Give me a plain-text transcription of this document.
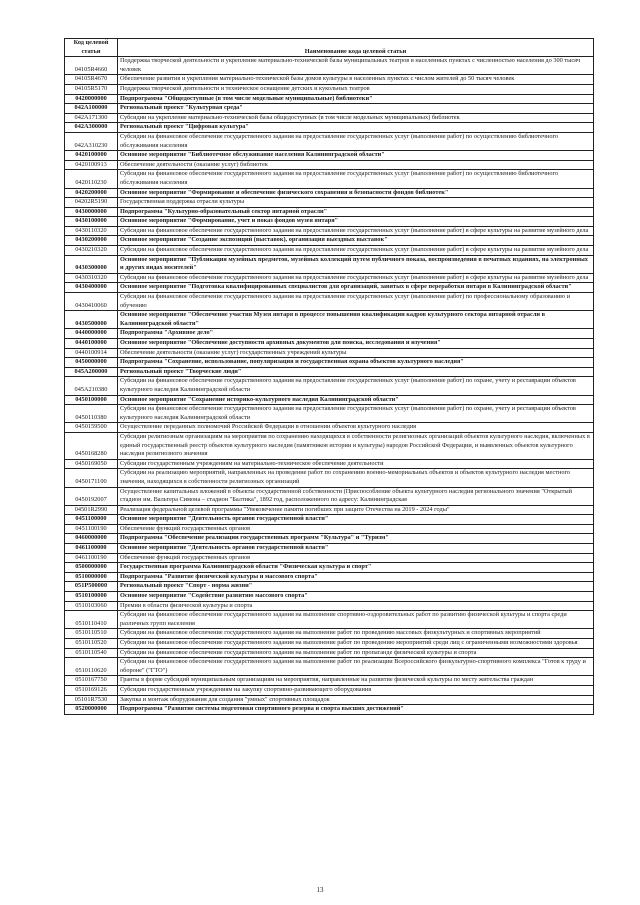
Код целевой статьи	Наименование кода целевой статьи
04105R4660	Поддержка творческой деятельности и укрепление материально-технической базы муниципальных театров в населенных пунктах с численностью населения до 300 тысяч человек
04105R4670	Обеспечение развития и укрепления материально-технической базы домов культуры в населенных пунктах с числом жителей до 50 тысяч человек
04105R5170	Поддержка творческой деятельности и техническое оснащение детских и кукольных театров
0420000000	Подпрограмма "Общедоступные (в том числе модельные муниципальные) библиотеки"
042A100000	Региональный проект "Культурная среда"
042A171300	Субсидии на укрепление материально-технической базы общедоступных (в том числе модельных муниципальных) библиотек
042A300000	Региональный проект "Цифровая культура"
042A310230	Субсидии на финансовое обеспечение государственного задания на предоставление государственных услуг (выполнение работ) по осуществлению библиотечного обслуживания населения
0420100000	Основное мероприятие "Библиотечное обслуживание населения Калининградской области"
0420100913	Обеспечение деятельности (оказание услуг) библиотек
0420110230	Субсидии на финансовое обеспечение государственного задания на предоставление государственных услуг (выполнение работ) по осуществлению библиотечного обслуживания населения
0420200000	Основное мероприятие "Формирование и обеспечение физического сохранения и безопасности фондов библиотек"
04202R5190	Государственная поддержка отрасли культуры
0430000000	Подпрограмма "Культурно-образовательный сектор янтарной отрасли"
0430100000	Основное мероприятие "Формирование, учет и показ фондов музея янтаря"
0430110320	Субсидии на финансовое обеспечение государственного задания на предоставление государственных услуг (выполнение работ) в сфере культуры на развитие музейного дела
0430200000	Основное мероприятие "Создание экспозиций (выставок), организация выездных выставок"
0430210320	Субсидии на финансовое обеспечение государственного задания на предоставление государственных услуг (выполнение работ) в сфере культуры на развитие музейного дела
0430300000	Основное мероприятие "Публикация музейных предметов, музейных коллекций путем публичного показа, воспроизведения в печатных изданиях, на электронных и других видах носителей"
0430310320	Субсидии на финансовое обеспечение государственного задания на предоставление государственных услуг (выполнение работ) в сфере культуры на развитие музейного дела
0430400000	Основное мероприятие "Подготовка квалифицированных специалистов для организаций, занятых в сфере переработки янтаря в Калининградской области"
0430410060	Субсидии на финансовое обеспечение государственного задания на предоставление государственных услуг (выполнение работ) по профессиональному образованию и обучению
0430500000	Основное мероприятие "Обеспечение участия Музея янтаря в процессе повышения квалификации кадров культурного сектора янтарной отрасли в Калининградской области"
0440000000	Подпрограмма "Архивное дело"
0440100000	Основное мероприятие "Обеспечение доступности архивных документов для поиска, исследования и изучения"
0440100914	Обеспечение деятельности (оказание услуг) государственных учреждений культуры
0450000000	Подпрограмма "Сохранение, использование, популяризация и государственная охрана объектов культурного наследия"
045A200000	Региональный проект "Творческие люди"
045A210380	Субсидии на финансовое обеспечение государственного задания на предоставление государственных услуг (выполнение работ) по охране, учету и реставрации объектов культурного наследия Калининградской области
0450100000	Основное мероприятие "Сохранение историко-культурного наследия Калининградской области"
0450110380	Субсидии на финансовое обеспечение государственного задания на предоставление государственных услуг (выполнение работ) по охране, учету и реставрации объектов культурного наследия Калининградской области
0450159500	Осуществление переданных полномочий Российской Федерации в отношении объектов культурного наследия
0450168280	Субсидии религиозным организациям на мероприятия по сохранению находящихся в собственности религиозных организаций объектов культурного наследия, включенных в единый государственный реестр объектов культурного наследия (памятников истории и культуры) народов Российской Федерации, и выявленных объектов культурного наследия религиозного значения
0450169050	Субсидии государственным учреждениям на материально-техническое обеспечение деятельности
0450171100	Субсидии на реализацию мероприятий, направленных на проведение работ по сохранению военно-мемориальных объектов и объектов культурного наследия местного значения, находящихся в собственности религиозных организаций
0450192007	Осуществление капитальных вложений в объекты государственной собственности (Приспособление объекта культурного наследия регионального значения "Открытый стадион им. Вальтера Симона – стадион "Балтика", 1892 год, расположенного по адресу: Калининградская
04501R2990	Реализация федеральной целевой программы "Увековечение памяти погибших при защите Отечества на 2019 - 2024 годы"
0451100000	Основное мероприятие "Деятельность органов государственной власти"
0451100190	Обеспечение функций государственных органов
0460000000	Подпрограмма "Обеспечение реализации государственных программ "Культура" и "Туризм"
0461100000	Основное мероприятие "Деятельность органов государственной власти"
0461100190	Обеспечение функций государственных органов
0500000000	Государственная программа Калининградской области "Физическая культура и спорт"
0510000000	Подпрограмма "Развитие физической культуры и массового спорта"
051P500000	Региональный проект "Спорт - норма жизни"
0510100000	Основное мероприятие "Содействие развитию массового спорта"
0510103060	Премии в области физической культуры и спорта
0510110410	Субсидии на финансовое обеспечение государственного задания на выполнение спортивно-оздоровительных работ по развитию физической культуры и спорта среди различных групп населения
0510110510	Субсидии на финансовое обеспечение государственного задания на выполнение работ по проведению массовых физкультурных и спортивных мероприятий
0510110520	Субсидии на финансовое обеспечение государственного задания на выполнение работ по проведению мероприятий среди лиц с ограниченными возможностями здоровья
0510110540	Субсидии на финансовое обеспечение государственного задания на выполнение работ по пропаганде физической культуры и спорта
0510110620	Субсидии на финансовое обеспечение государственного задания на выполнение работ по реализации Всероссийского физкультурно-спортивного комплекса "Готов к труду и обороне" ("ГТО")
0510167750	Гранты в форме субсидий муниципальным организациям на мероприятия, направленные на развитие физической культуры по месту жительства граждан
0510169126	Субсидии государственным учреждениям на закупку спортивно-развивающего оборудования
05101R7530	Закупка и монтаж оборудования для создания "умных" спортивных площадок
0520000000	Подпрограмма "Развитие системы подготовки спортивного резерва и спорта высших достижений"
13
